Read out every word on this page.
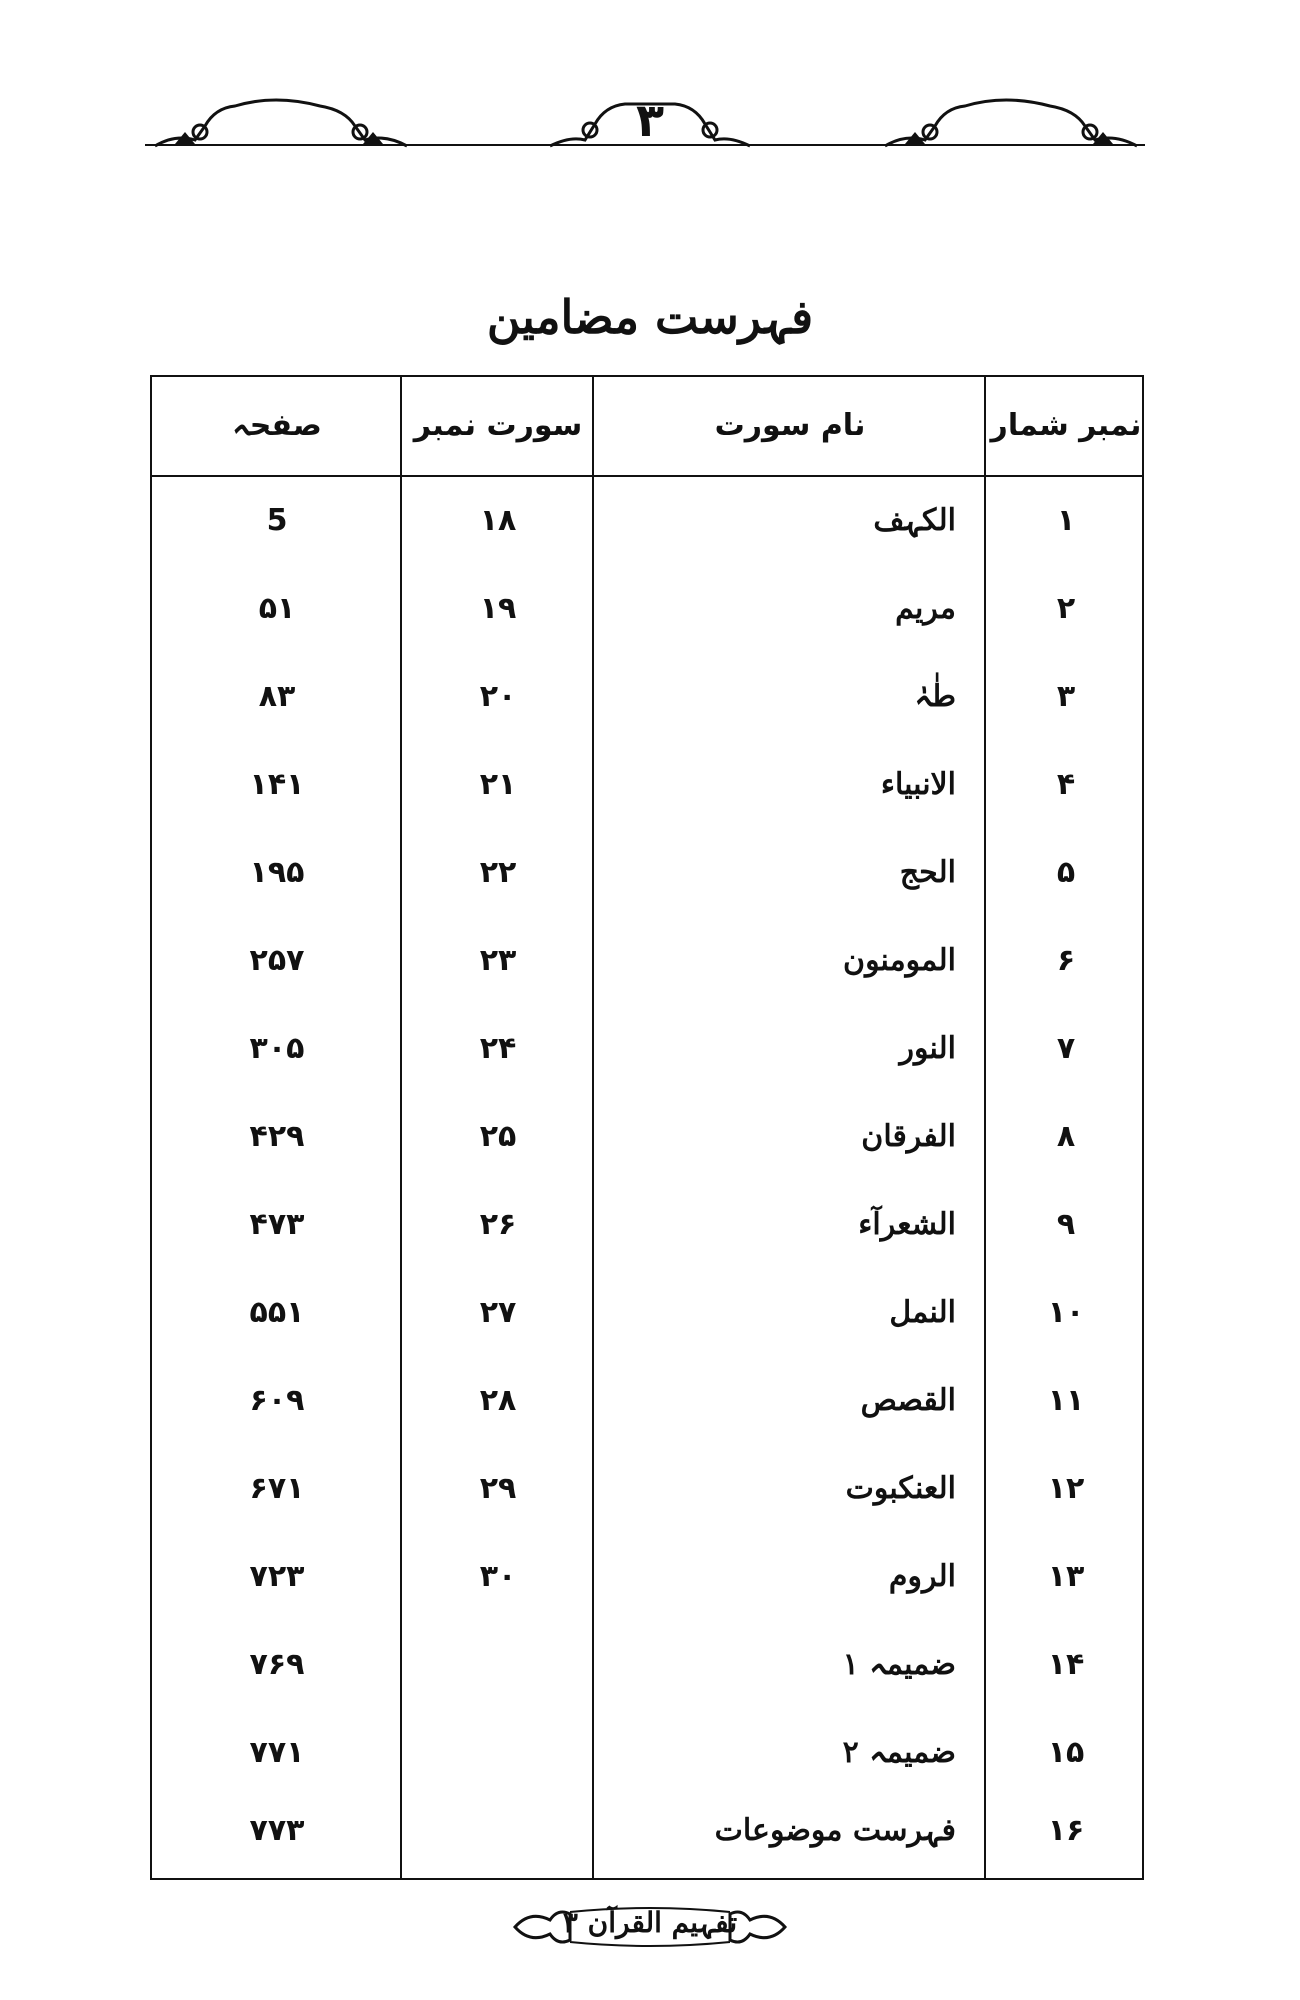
۳
فہرست مضامین
نمبر شمار
نام سورت
سورت نمبر
صفحہ
۱
الکہف
۱۸
5
۲
مریم
۱۹
۵۱
۳
طٰہٰ
۲۰
۸۳
۴
الانبیاء
۲۱
۱۴۱
۵
الحج
۲۲
۱۹۵
۶
المومنون
۲۳
۲۵۷
۷
النور
۲۴
۳۰۵
۸
الفرقان
۲۵
۴۲۹
۹
الشعرآء
۲۶
۴۷۳
۱۰
النمل
۲۷
۵۵۱
۱۱
القصص
۲۸
۶۰۹
۱۲
العنکبوت
۲۹
۶۷۱
۱۳
الروم
۳۰
۷۲۳
۱۴
ضمیمہ ۱
۷۶۹
۱۵
ضمیمہ ۲
۷۷۱
۱۶
فہرست موضوعات
۷۷۳
تفہیم القرآن ۳
